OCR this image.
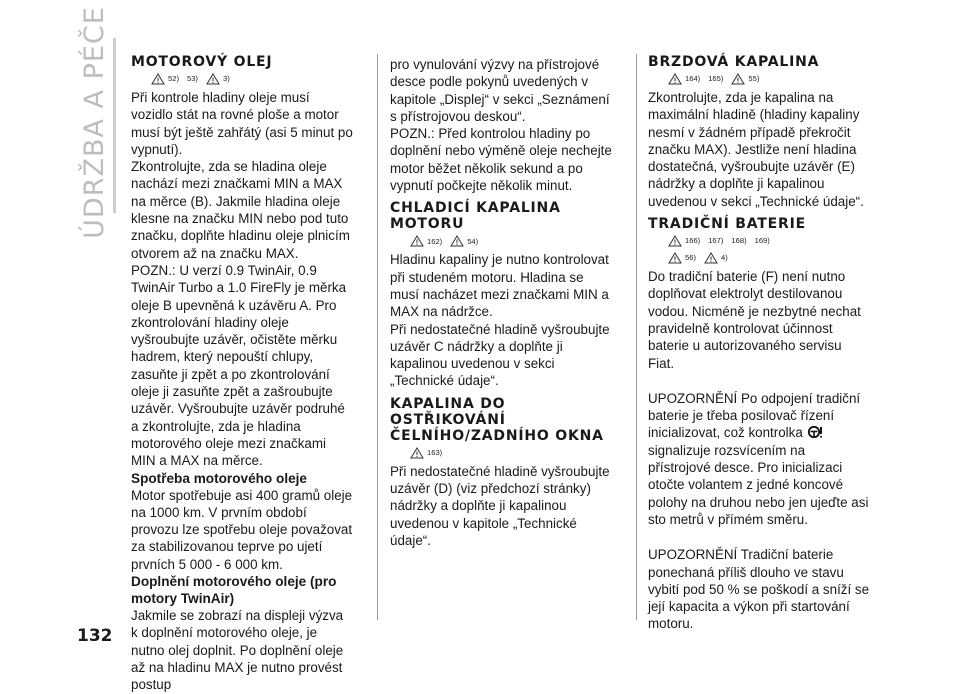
ÚDRŽBA A PÉČE MOTOROVÝ OLEJ
52) 53)	3)

Při kontrole hladiny oleje musí vozidlo stát na rovné ploše a motor musí být ještě zahřátý (asi 5 minut po vypnutí).

Zkontrolujte, zda se hladina oleje nachází mezi značkami MIN a MAX na měrce (B). Jakmile hladina oleje klesne na značku MIN nebo pod tuto značku, doplňte hladinu oleje plnicím otvorem až na značku MAX.

POZN.: U verzí 0.9 TwinAir, 0.9 TwinAir Turbo a 1.0 FireFly je měrka oleje B upevněná k uzávěru A. Pro zkontrolování hladiny oleje vyšroubujte uzávěr, očistěte měrku hadrem, který nepouští chlupy, zasuňte ji zpět a po zkontrolování oleje ji zasuňte zpět a zašroubujte uzávěr. Vyšroubujte uzávěr podruhé a zkontrolujte, zda je hladina motorového oleje mezi značkami MIN a MAX na měrce.

Spotřeba motorového oleje

Motor spotřebuje asi 400 gramů oleje na 1000 km. V prvním období provozu lze spotřebu oleje považovat za stabilizovanou teprve po ujetí prvních 5 000 - 6 000 km.

Doplnění motorového oleje (pro motory TwinAir)

Jakmile se zobrazí na displeji výzva k doplnění motorového oleje, je nutno olej doplnit. Po doplnění oleje až na hladinu MAX je nutno provést postup

pro vynulování výzvy na přístrojové desce podle pokynů uvedených v kapitole „Displej“ v sekci „Seznámení s přístrojovou deskou“.

POZN.: Před kontrolou hladiny po doplnění nebo výměně oleje nechejte motor běžet několik sekund a po vypnutí počkejte několik minut.

CHLADICÍ KAPALINA MOTORU
162)	54)

Hladinu kapaliny je nutno kontrolovat při studeném motoru. Hladina se musí nacházet mezi značkami MIN a MAX na nádržce.

Při nedostatečné hladině vyšroubujte uzávěr C nádržky a doplňte ji kapalinou uvedenou v sekci „Technické údaje“.

KAPALINA DO OSTŘIKOVÁNÍ ČELNÍHO/ZADNÍHO OKNA
163)

Při nedostatečné hladině vyšroubujte uzávěr (D) (viz předchozí stránky) nádržky a doplňte ji kapalinou uvedenou v kapitole „Technické údaje“.

BRZDOVÁ KAPALINA
164) 165)	55)

Zkontrolujte, zda je kapalina na maximální hladině (hladiny kapaliny nesmí v žádném případě překročit značku MAX). Jestliže není hladina dostatečná, vyšroubujte uzávěr (E) nádržky a doplňte ji kapalinou uvedenou v sekci „Technické údaje“.

TRADIČNÍ BATERIE
166) 167) 168) 169)
56)	4)

Do tradiční baterie (F) není nutno doplňovat elektrolyt destilovanou vodou. Nicméně je nezbytné nechat pravidelně kontrolovat účinnost baterie u autorizovaného servisu Fiat.

UPOZORNĚNÍ Po odpojení tradiční baterie je třeba posilovač řízení inicializovat, což kontrolka  signalizuje rozsvícením na přístrojové desce. Pro inicializaci otočte volantem z jedné koncové polohy na druhou nebo jen ujeďte asi sto metrů v přímém směru.

UPOZORNĚNÍ Tradiční baterie ponechaná příliš dlouho ve stavu vybití pod 50 % se poškodí a sníží se její kapacita a výkon při startování motoru.

132
